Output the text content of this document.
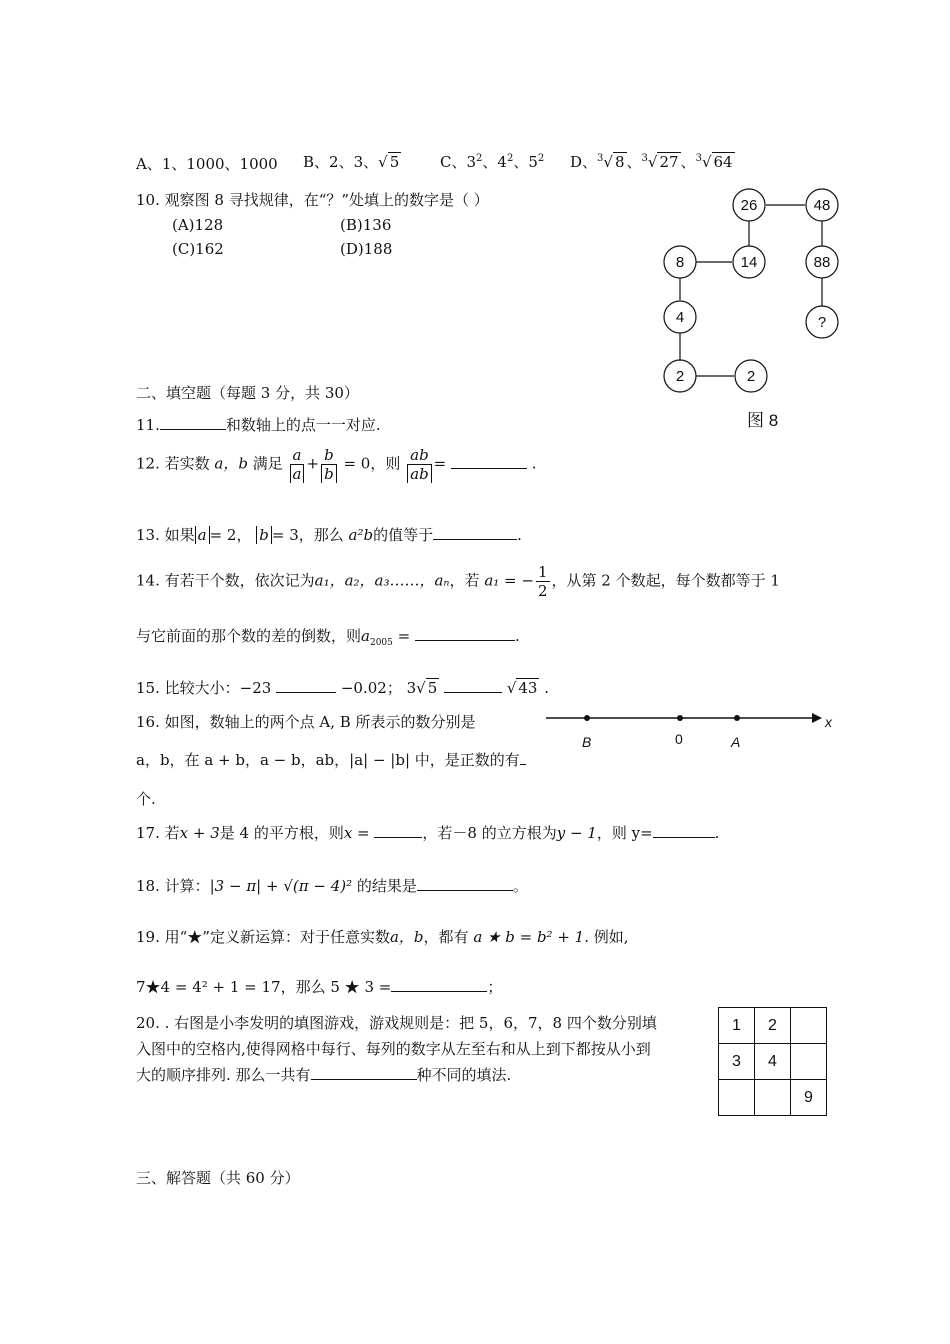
A、1、1000、1000 B、2、3、√ 5	C、$3^2$、$4^2$、$5^2$ D、$^3$√ 8 、$^3$√ 27 、$^3$√ 64
10. 观察图 8 寻找规律，在“？”处填上的数字是（ ）
(A)128	(B)136
(C)162	(D)188
26	48
8	14	88
4	?
2	2
图 8
二、填空题（每题 3 分，共 30）
11.	和数轴上的点一一对应.
12. 若实数 a，b 满足 $\frac{a}{a} + \frac{b}{b} = 0$，则 $\frac{ab}{ab}$ =	.
13. 如果 a = 2， b = 3，那么 a²b的值等于	.
14. 有若干个数，依次记为a₁，a₂，a₃……，aₙ，若 a₁ = − $\frac{1}{2}$ ，从第 2 个数起，每个数都等于 1
与它前面的那个数的差的倒数，则$a_{2005}$ =	.
15. 比较大小：−23	−0.02； 3√ 5	√ 43 .
16. 如图，数轴上的两个点 A, B 所表示的数分别是
a，b，在 a + b，a − b，ab，|a| − |b| 中，是正数的有
个.
B	0	A
x
17. 若x + 3是 4 的平方根，则x =	，若－8 的立方根为y − 1，则 y=	.
18. 计算：|3 − π| + √(π − 4)² 的结果是	。
19. 用“★”定义新运算：对于任意实数a，b，都有 a ★ b = b² + 1. 例如,
7★4 = 4² + 1 = 17，那么 5 ★ 3 =	；
20. . 右图是小李发明的填图游戏，游戏规则是：把 5，6，7，8 四个数分别填
入图中的空格内,使得网格中每行、每列的数字从左至右和从上到下都按从小到
大的顺序排列. 那么一共有	种不同的填法.
1	2	
3	4	
		9
三、解答题（共 60 分）
